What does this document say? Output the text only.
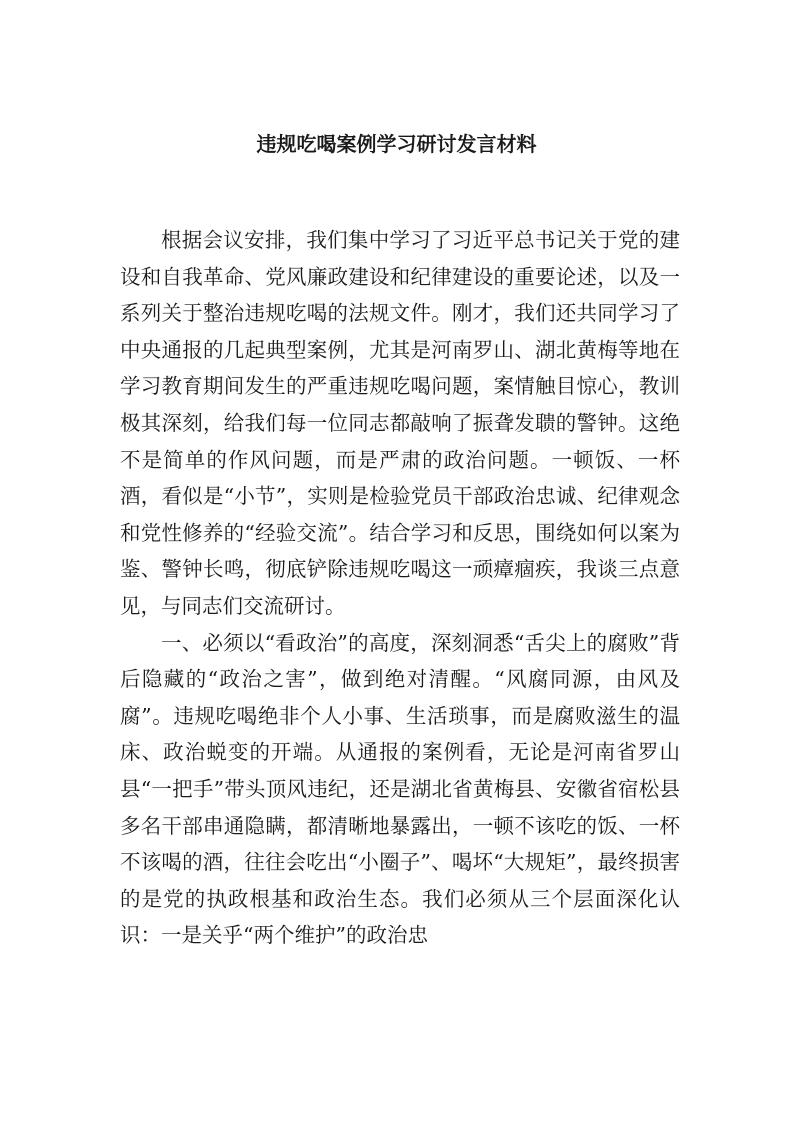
违规吃喝案例学习研讨发言材料

根据会议安排，我们集中学习了习近平总书记关于党的建设和自我革命、党风廉政建设和纪律建设的重要论述，以及一系列关于整治违规吃喝的法规文件。刚才，我们还共同学习了中央通报的几起典型案例，尤其是河南罗山、湖北黄梅等地在学习教育期间发生的严重违规吃喝问题，案情触目惊心，教训极其深刻，给我们每一位同志都敲响了振聋发聩的警钟。这绝不是简单的作风问题，而是严肃的政治问题。一顿饭、一杯酒，看似是“小节”，实则是检验党员干部政治忠诚、纪律观念和党性修养的“经验交流”。结合学习和反思，围绕如何以案为鉴、警钟长鸣，彻底铲除违规吃喝这一顽瘴痼疾，我谈三点意见，与同志们交流研讨。

一、必须以“看政治”的高度，深刻洞悉“舌尖上的腐败”背后隐藏的“政治之害”，做到绝对清醒。“风腐同源，由风及腐”。违规吃喝绝非个人小事、生活琐事，而是腐败滋生的温床、政治蜕变的开端。从通报的案例看，无论是河南省罗山县“一把手”带头顶风违纪，还是湖北省黄梅县、安徽省宿松县多名干部串通隐瞒，都清晰地暴露出，一顿不该吃的饭、一杯不该喝的酒，往往会吃出“小圈子”、喝坏“大规矩”，最终损害的是党的执政根基和政治生态。我们必须从三个层面深化认识：一是关乎“两个维护”的政治忠
